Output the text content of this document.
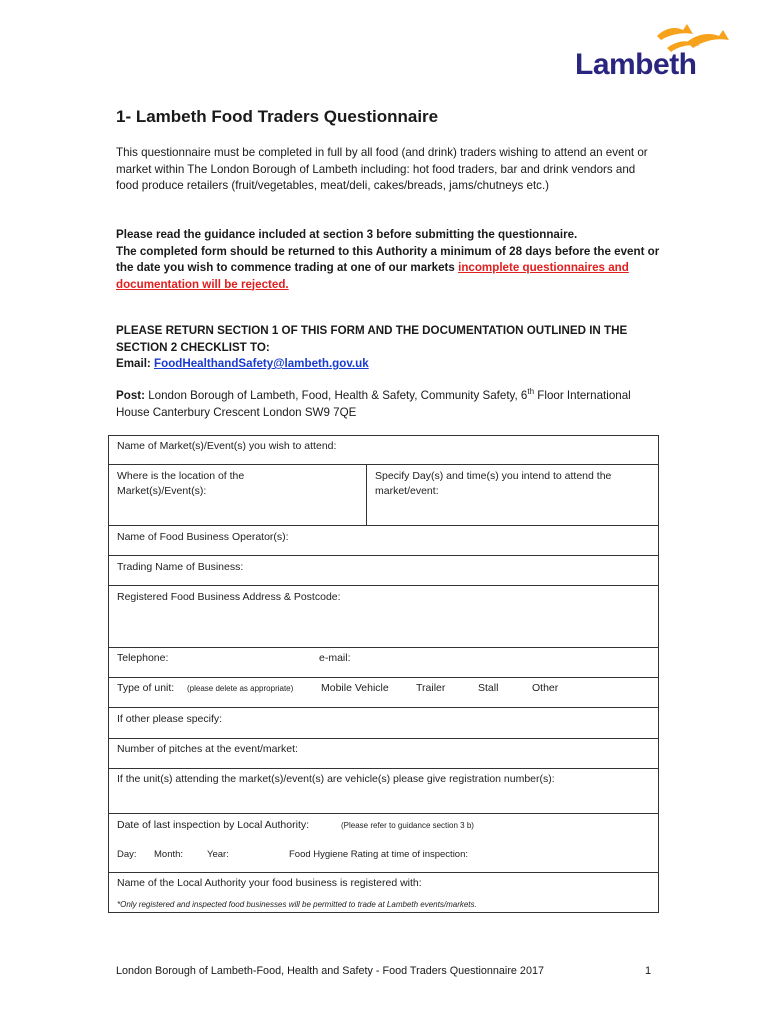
Lambeth
1- Lambeth Food Traders Questionnaire

This questionnaire must be completed in full by all food (and drink) traders wishing to attend an event or market within The London Borough of Lambeth including: hot food traders, bar and drink vendors and food produce retailers (fruit/vegetables, meat/deli, cakes/breads, jams/chutneys etc.)

Please read the guidance included at section 3 before submitting the questionnaire.
The completed form should be returned to this Authority a minimum of 28 days before the event or the date you wish to commence trading at one of our markets incomplete questionnaires and documentation will be rejected.

PLEASE RETURN SECTION 1 OF THIS FORM AND THE DOCUMENTATION OUTLINED IN THE SECTION 2 CHECKLIST TO:
Email: FoodHealthandSafety@lambeth.gov.uk

Post: London Borough of Lambeth, Food, Health & Safety, Community Safety, 6th Floor International House Canterbury Crescent London SW9 7QE

Name of Market(s)/Event(s) you wish to attend:
Where is the location of the Market(s)/Event(s):
Specify Day(s) and time(s) you intend to attend the market/event:
Name of Food Business Operator(s):
Trading Name of Business:
Registered Food Business Address & Postcode:
Telephone:	e-mail:
Type of unit: (please delete as appropriate)	Mobile Vehicle	Trailer	Stall	Other
If other please specify:
Number of pitches at the event/market:
If the unit(s) attending the market(s)/event(s) are vehicle(s) please give registration number(s):
Date of last inspection by Local Authority:	(Please refer to guidance section 3 b)
Day: Month:	Year:	Food Hygiene Rating at time of inspection:
Name of the Local Authority your food business is registered with:
*Only registered and inspected food businesses will be permitted to trade at Lambeth events/markets.
London Borough of Lambeth-Food, Health and Safety - Food Traders Questionnaire 2017	1
